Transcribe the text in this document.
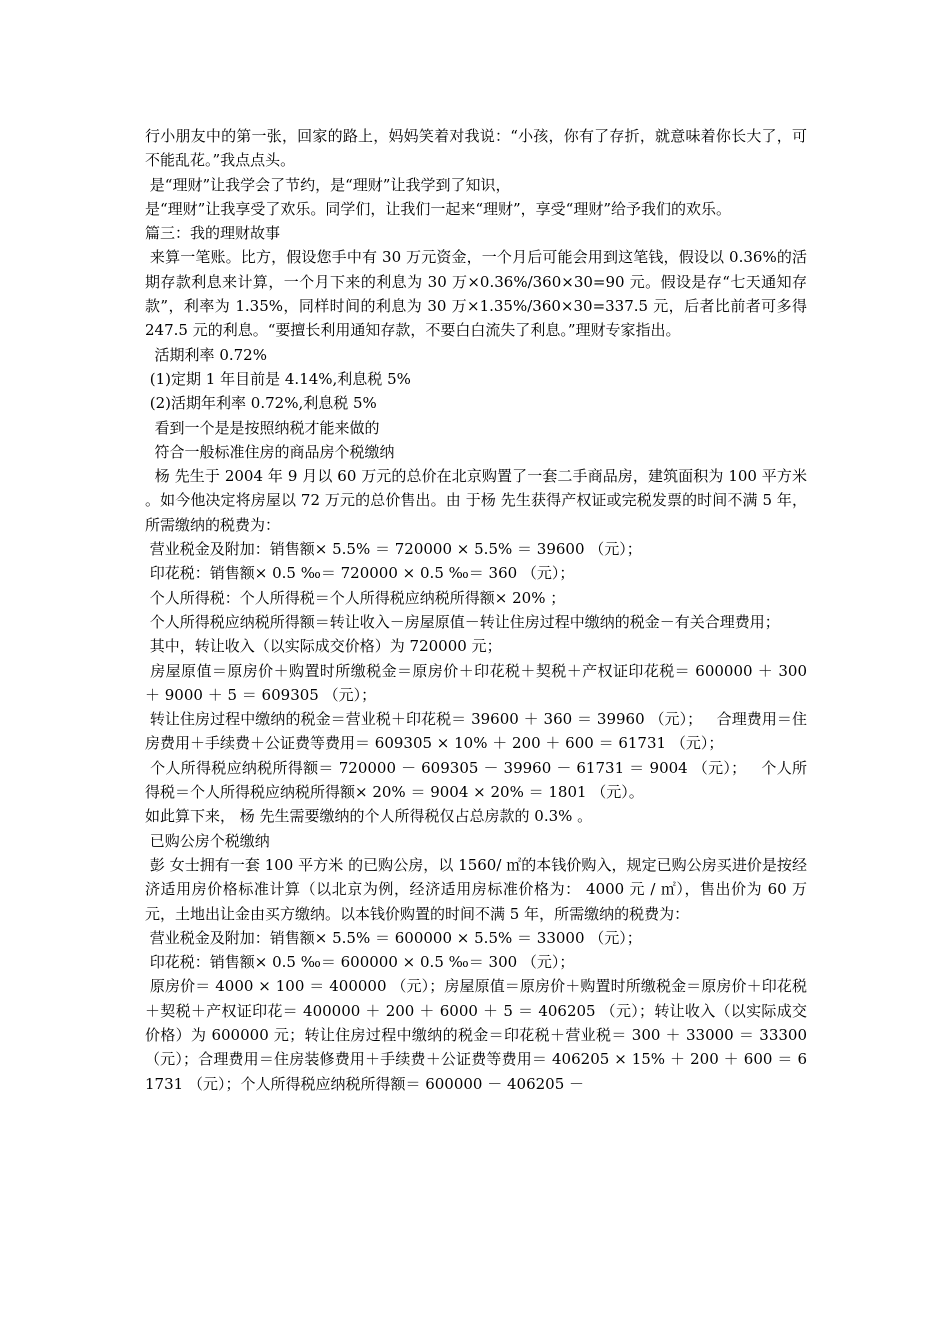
行小朋友中的第一张，回家的路上，妈妈笑着对我说：“小孩，你有了存折，就意味着你长大了，可不能乱花。”我点点头。

是“理财”让我学会了节约，是“理财”让我学到了知识，

是“理财”让我享受了欢乐。同学们，让我们一起来“理财”，享受“理财”给予我们的欢乐。

篇三：我的理财故事

来算一笔账。比方，假设您手中有 30 万元资金，一个月后可能会用到这笔钱，假设以 0.36%的活期存款利息来计算，一个月下来的利息为 30 万×0.36%/360×30=90 元。假设是存“七天通知存款”，利率为 1.35%，同样时间的利息为 30 万×1.35%/360×30=337.5 元，后者比前者可多得 247.5 元的利息。“要擅长利用通知存款，不要白白流失了利息。”理财专家指出。

活期利率 0.72%

(1)定期 1 年目前是 4.14%,利息税 5%

(2)活期年利率 0.72%,利息税 5%

看到一个是是按照纳税才能来做的

符合一般标准住房的商品房个税缴纳

杨 先生于 2004 年 9 月以 60 万元的总价在北京购置了一套二手商品房，建筑面积为 100 平方米 。如今他决定将房屋以 72 万元的总价售出。由 于杨 先生获得产权证或完税发票的时间不满 5 年，所需缴纳的税费为：

营业税金及附加：销售额× 5.5% ＝ 720000 × 5.5% ＝ 39600 （元）；

印花税：销售额× 0.5 ‰＝ 720000 × 0.5 ‰＝ 360 （元）；

个人所得税：个人所得税＝个人所得税应纳税所得额× 20% ；

个人所得税应纳税所得额＝转让收入－房屋原值－转让住房过程中缴纳的税金－有关合理费用；

其中，转让收入（以实际成交价格）为 720000 元；

房屋原值＝原房价＋购置时所缴税金＝原房价＋印花税＋契税＋产权证印花税＝ 600000 ＋ 300 ＋ 9000 ＋ 5 ＝ 609305 （元）；

转让住房过程中缴纳的税金＝营业税＋印花税＝ 39600 ＋ 360 ＝ 39960 （元）；   合理费用＝住房费用＋手续费＋公证费等费用＝ 609305 × 10% ＋ 200 ＋ 600 ＝ 61731 （元）；

个人所得税应纳税所得额＝ 720000 － 609305 － 39960 － 61731 ＝ 9004 （元）；   个人所得税＝个人所得税应纳税所得额× 20% ＝ 9004 × 20% ＝ 1801 （元）。

如此算下来， 杨 先生需要缴纳的个人所得税仅占总房款的 0.3% 。

已购公房个税缴纳

彭 女士拥有一套 100 平方米 的已购公房，以 1560/ ㎡的本钱价购入，规定已购公房买进价是按经济适用房价格标准计算（以北京为例，经济适用房标准价格为： 4000 元 / ㎡），售出价为 60 万元，土地出让金由买方缴纳。以本钱价购置的时间不满 5 年，所需缴纳的税费为：

营业税金及附加：销售额× 5.5% ＝ 600000 × 5.5% ＝ 33000 （元）；

印花税：销售额× 0.5 ‰＝ 600000 × 0.5 ‰＝ 300 （元）；

原房价＝ 4000 × 100 ＝ 400000 （元）；房屋原值＝原房价＋购置时所缴税金＝原房价＋印花税＋契税＋产权证印花＝ 400000 ＋ 200 ＋ 6000 ＋ 5 ＝ 406205 （元）；转让收入（以实际成交价格）为 600000 元；转让住房过程中缴纳的税金＝印花税＋营业税＝ 300 ＋ 33000 ＝ 33300 （元）；合理费用＝住房装修费用＋手续费＋公证费等费用＝ 406205 × 15% ＋ 200 ＋ 600 ＝ 61731 （元）；个人所得税应纳税所得额＝ 600000 － 406205 －
